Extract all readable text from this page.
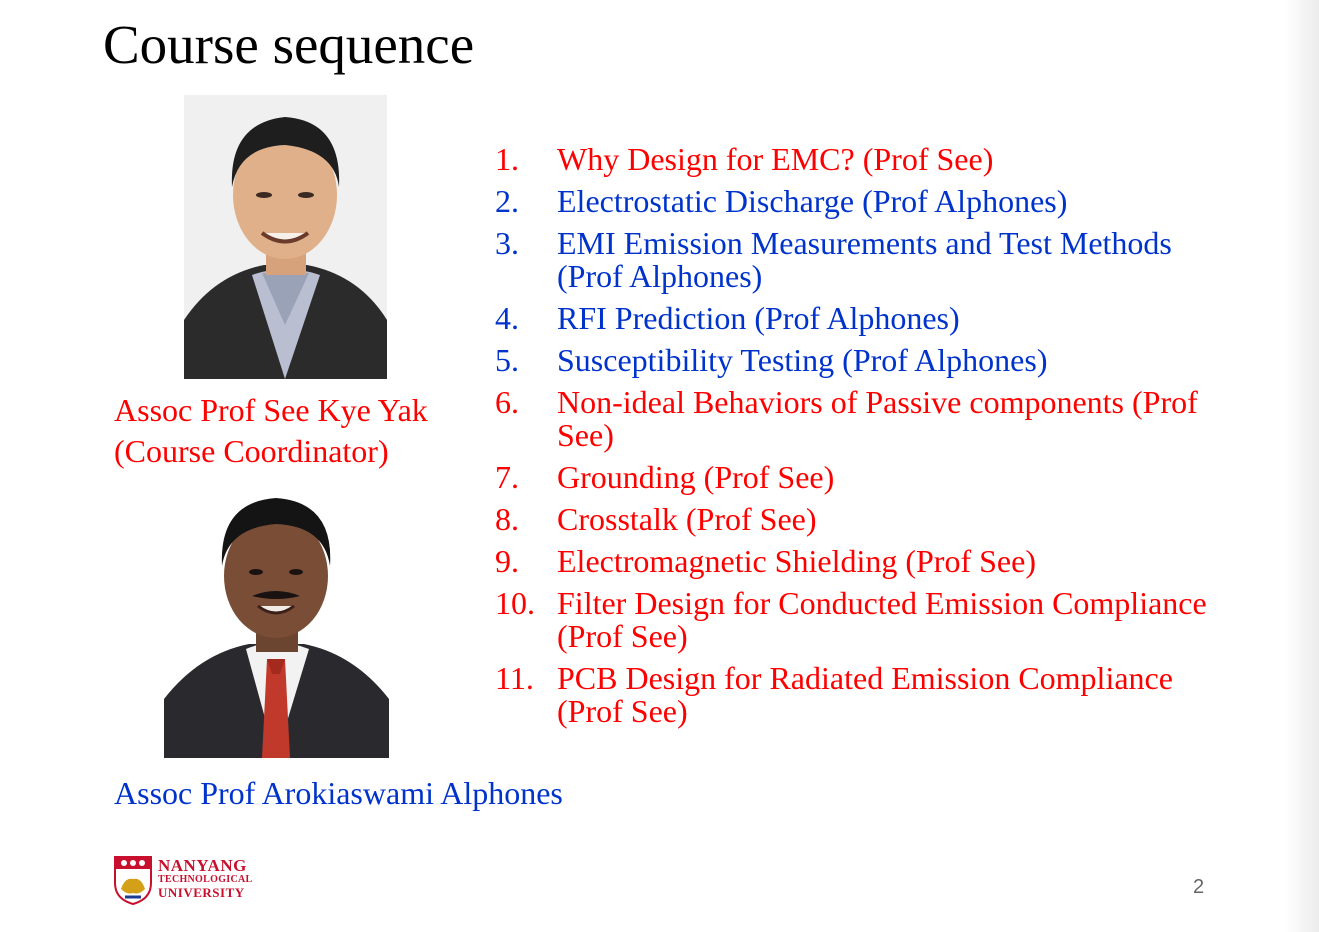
Course sequence
Assoc Prof See Kye Yak
(Course Coordinator)
Assoc Prof Arokiaswami Alphones
1. Why Design for EMC? (Prof See)
2. Electrostatic Discharge (Prof Alphones)
3. EMI Emission Measurements and Test Methods (Prof Alphones)
4. RFI Prediction (Prof Alphones)
5. Susceptibility Testing (Prof Alphones)
6. Non-ideal Behaviors of Passive components (Prof See)
7. Grounding (Prof See)
8. Crosstalk (Prof See)
9. Electromagnetic Shielding (Prof See)
10. Filter Design for Conducted Emission Compliance (Prof See)
11. PCB Design for Radiated Emission Compliance (Prof See)
NANYANG
TECHNOLOGICAL
UNIVERSITY	2
